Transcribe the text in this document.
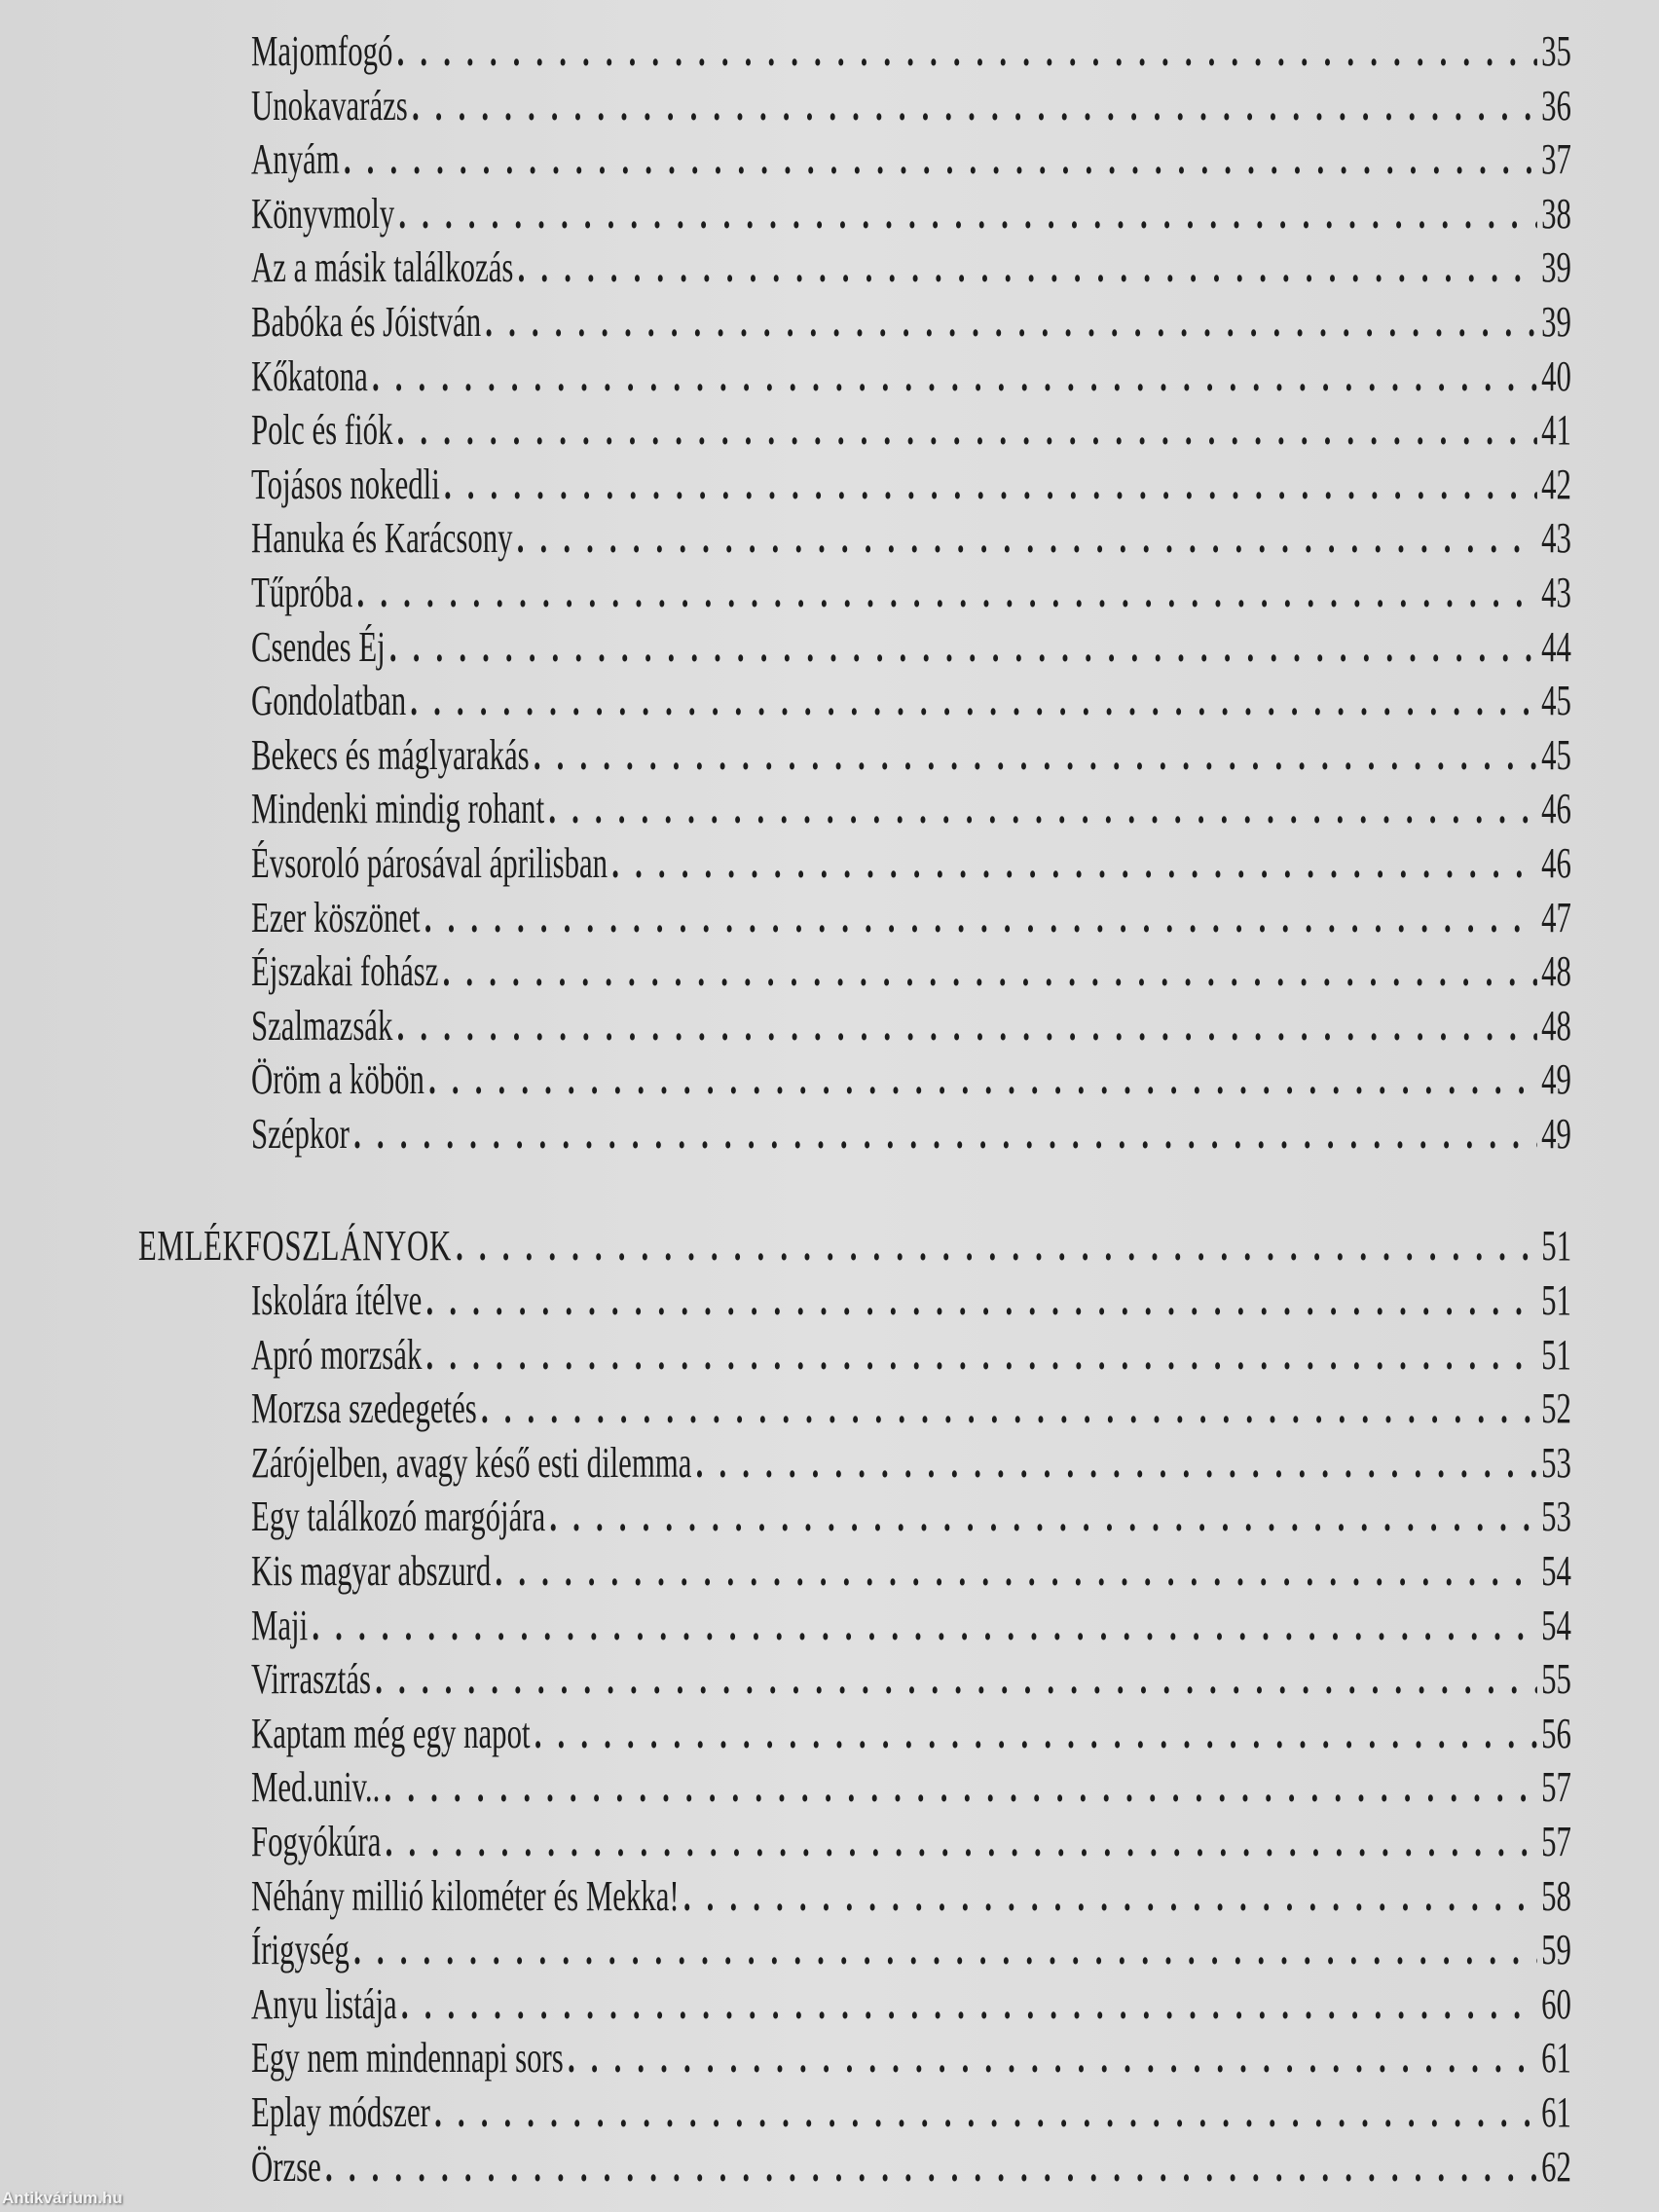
Majomfogó . . .	35
Unokavarázs . . .	36
Anyám . . .	37
Könyvmoly . . .	38
Az a másik találkozás . . .	39
Babóka és Jóistván . . .	39
Kőkatona . . .	40
Polc és fiók . . .	41
Tojásos nokedli . . .	42
Hanuka és Karácsony . . .	43
Tűpróba . . .	43
Csendes Éj . . .	44
Gondolatban . . .	45
Bekecs és máglyarakás . . .	45
Mindenki mindig rohant . . .	46
Évsoroló párosával áprilisban . . .	46
Ezer köszönet . . .	47
Éjszakai fohász . . .	48
Szalmazsák . . .	48
Öröm a köbön . . .	49
Szépkor . . .	49
EMLÉKFOSZLÁNYOK . . .	51
Iskolára ítélve . . .	51
Apró morzsák . . .	51
Morzsa szedegetés . . .	52
Zárójelben, avagy késő esti dilemma . . .	53
Egy találkozó margójára . . .	53
Kis magyar abszurd . . .	54
Maji . . .	54
Virrasztás . . .	55
Kaptam még egy napot . . .	56
Med.univ.. . . .	57
Fogyókúra . . .	57
Néhány millió kilométer és Mekka! . . .	58
Írigység . . .	59
Anyu listája . . .	60
Egy nem mindennapi sors . . .	61
Eplay módszer . . .	61
Örzse . . .	62
Antikvárium.hu
